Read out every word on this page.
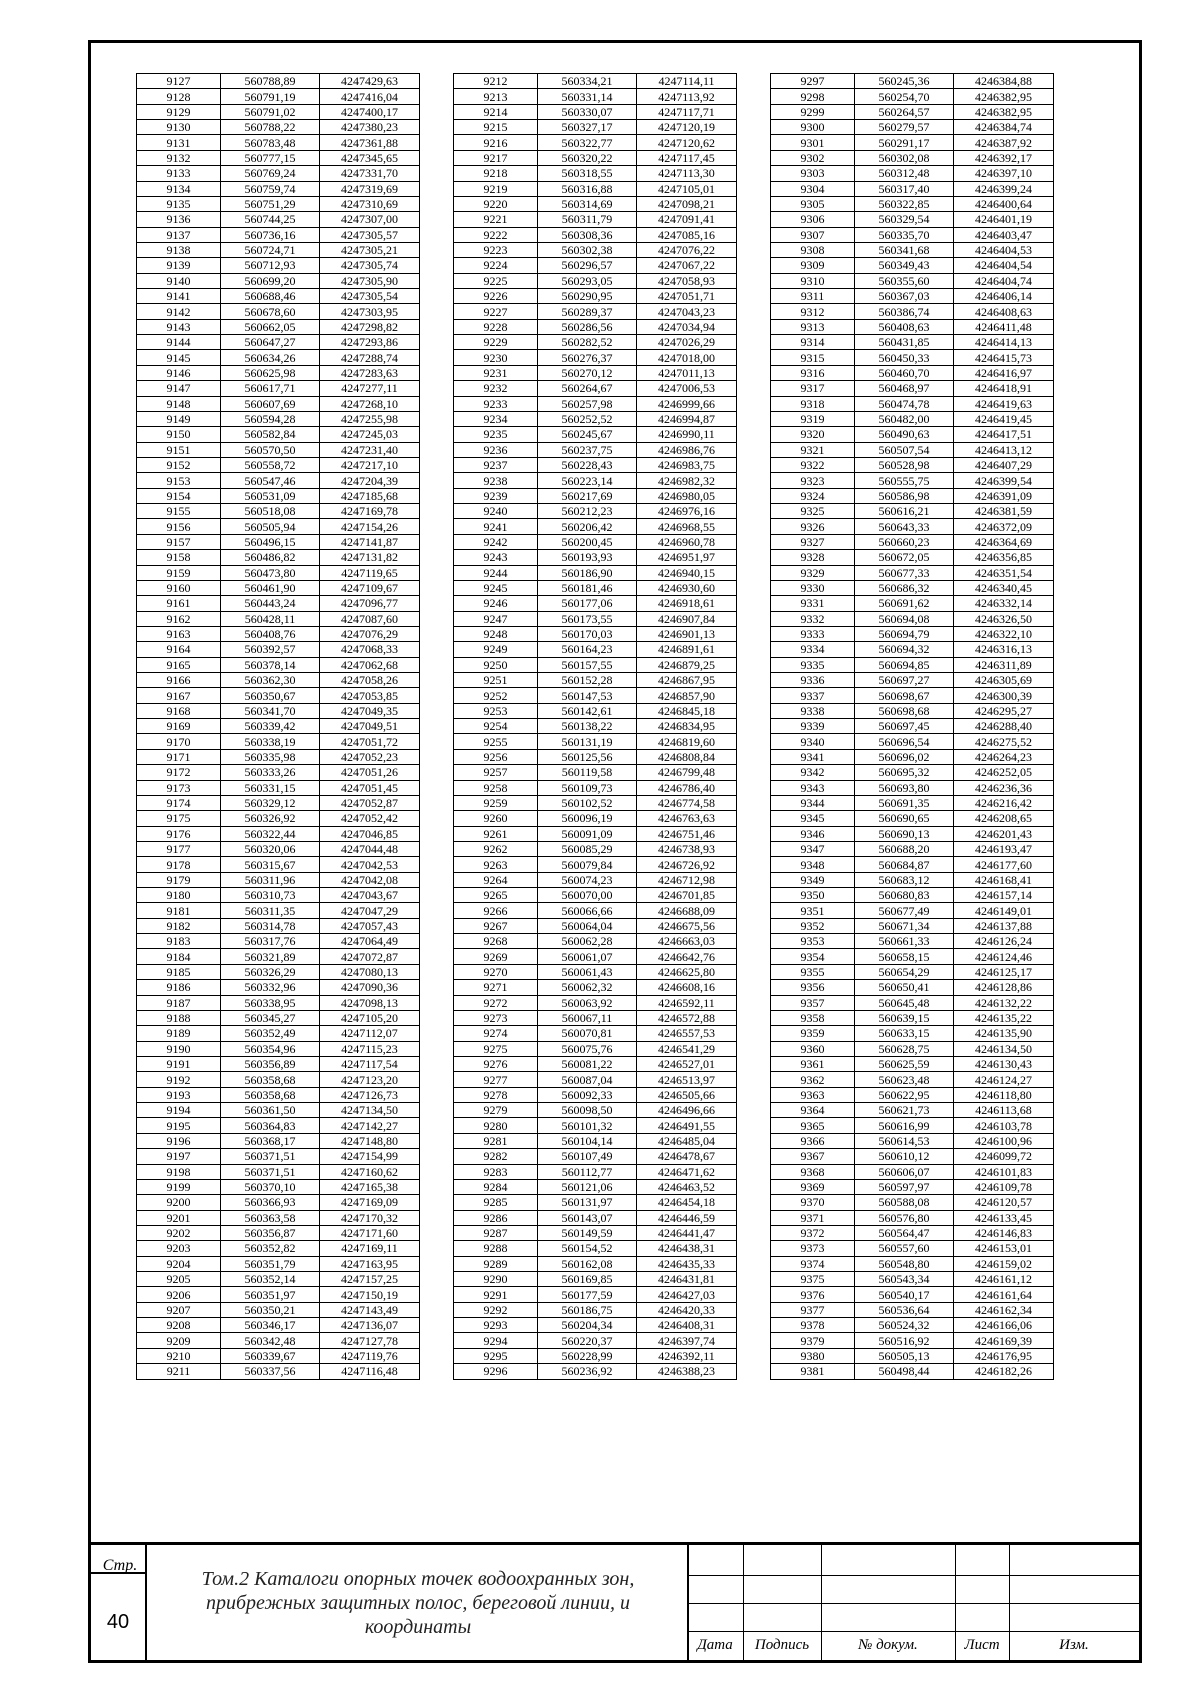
9127	560788,89	4247429,63
9128	560791,19	4247416,04
9129	560791,02	4247400,17
9130	560788,22	4247380,23
9131	560783,48	4247361,88
9132	560777,15	4247345,65
9133	560769,24	4247331,70
9134	560759,74	4247319,69
9135	560751,29	4247310,69
9136	560744,25	4247307,00
9137	560736,16	4247305,57
9138	560724,71	4247305,21
9139	560712,93	4247305,74
9140	560699,20	4247305,90
9141	560688,46	4247305,54
9142	560678,60	4247303,95
9143	560662,05	4247298,82
9144	560647,27	4247293,86
9145	560634,26	4247288,74
9146	560625,98	4247283,63
9147	560617,71	4247277,11
9148	560607,69	4247268,10
9149	560594,28	4247255,98
9150	560582,84	4247245,03
9151	560570,50	4247231,40
9152	560558,72	4247217,10
9153	560547,46	4247204,39
9154	560531,09	4247185,68
9155	560518,08	4247169,78
9156	560505,94	4247154,26
9157	560496,15	4247141,87
9158	560486,82	4247131,82
9159	560473,80	4247119,65
9160	560461,90	4247109,67
9161	560443,24	4247096,77
9162	560428,11	4247087,60
9163	560408,76	4247076,29
9164	560392,57	4247068,33
9165	560378,14	4247062,68
9166	560362,30	4247058,26
9167	560350,67	4247053,85
9168	560341,70	4247049,35
9169	560339,42	4247049,51
9170	560338,19	4247051,72
9171	560335,98	4247052,23
9172	560333,26	4247051,26
9173	560331,15	4247051,45
9174	560329,12	4247052,87
9175	560326,92	4247052,42
9176	560322,44	4247046,85
9177	560320,06	4247044,48
9178	560315,67	4247042,53
9179	560311,96	4247042,08
9180	560310,73	4247043,67
9181	560311,35	4247047,29
9182	560314,78	4247057,43
9183	560317,76	4247064,49
9184	560321,89	4247072,87
9185	560326,29	4247080,13
9186	560332,96	4247090,36
9187	560338,95	4247098,13
9188	560345,27	4247105,20
9189	560352,49	4247112,07
9190	560354,96	4247115,23
9191	560356,89	4247117,54
9192	560358,68	4247123,20
9193	560358,68	4247126,73
9194	560361,50	4247134,50
9195	560364,83	4247142,27
9196	560368,17	4247148,80
9197	560371,51	4247154,99
9198	560371,51	4247160,62
9199	560370,10	4247165,38
9200	560366,93	4247169,09
9201	560363,58	4247170,32
9202	560356,87	4247171,60
9203	560352,82	4247169,11
9204	560351,79	4247163,95
9205	560352,14	4247157,25
9206	560351,97	4247150,19
9207	560350,21	4247143,49
9208	560346,17	4247136,07
9209	560342,48	4247127,78
9210	560339,67	4247119,76
9211	560337,56	4247116,48
9212	560334,21	4247114,11
9213	560331,14	4247113,92
9214	560330,07	4247117,71
9215	560327,17	4247120,19
9216	560322,77	4247120,62
9217	560320,22	4247117,45
9218	560318,55	4247113,30
9219	560316,88	4247105,01
9220	560314,69	4247098,21
9221	560311,79	4247091,41
9222	560308,36	4247085,16
9223	560302,38	4247076,22
9224	560296,57	4247067,22
9225	560293,05	4247058,93
9226	560290,95	4247051,71
9227	560289,37	4247043,23
9228	560286,56	4247034,94
9229	560282,52	4247026,29
9230	560276,37	4247018,00
9231	560270,12	4247011,13
9232	560264,67	4247006,53
9233	560257,98	4246999,66
9234	560252,52	4246994,87
9235	560245,67	4246990,11
9236	560237,75	4246986,76
9237	560228,43	4246983,75
9238	560223,14	4246982,32
9239	560217,69	4246980,05
9240	560212,23	4246976,16
9241	560206,42	4246968,55
9242	560200,45	4246960,78
9243	560193,93	4246951,97
9244	560186,90	4246940,15
9245	560181,46	4246930,60
9246	560177,06	4246918,61
9247	560173,55	4246907,84
9248	560170,03	4246901,13
9249	560164,23	4246891,61
9250	560157,55	4246879,25
9251	560152,28	4246867,95
9252	560147,53	4246857,90
9253	560142,61	4246845,18
9254	560138,22	4246834,95
9255	560131,19	4246819,60
9256	560125,56	4246808,84
9257	560119,58	4246799,48
9258	560109,73	4246786,40
9259	560102,52	4246774,58
9260	560096,19	4246763,63
9261	560091,09	4246751,46
9262	560085,29	4246738,93
9263	560079,84	4246726,92
9264	560074,23	4246712,98
9265	560070,00	4246701,85
9266	560066,66	4246688,09
9267	560064,04	4246675,56
9268	560062,28	4246663,03
9269	560061,07	4246642,76
9270	560061,43	4246625,80
9271	560062,32	4246608,16
9272	560063,92	4246592,11
9273	560067,11	4246572,88
9274	560070,81	4246557,53
9275	560075,76	4246541,29
9276	560081,22	4246527,01
9277	560087,04	4246513,97
9278	560092,33	4246505,66
9279	560098,50	4246496,66
9280	560101,32	4246491,55
9281	560104,14	4246485,04
9282	560107,49	4246478,67
9283	560112,77	4246471,62
9284	560121,06	4246463,52
9285	560131,97	4246454,18
9286	560143,07	4246446,59
9287	560149,59	4246441,47
9288	560154,52	4246438,31
9289	560162,08	4246435,33
9290	560169,85	4246431,81
9291	560177,59	4246427,03
9292	560186,75	4246420,33
9293	560204,34	4246408,31
9294	560220,37	4246397,74
9295	560228,99	4246392,11
9296	560236,92	4246388,23
9297	560245,36	4246384,88
9298	560254,70	4246382,95
9299	560264,57	4246382,95
9300	560279,57	4246384,74
9301	560291,17	4246387,92
9302	560302,08	4246392,17
9303	560312,48	4246397,10
9304	560317,40	4246399,24
9305	560322,85	4246400,64
9306	560329,54	4246401,19
9307	560335,70	4246403,47
9308	560341,68	4246404,53
9309	560349,43	4246404,54
9310	560355,60	4246404,74
9311	560367,03	4246406,14
9312	560386,74	4246408,63
9313	560408,63	4246411,48
9314	560431,85	4246414,13
9315	560450,33	4246415,73
9316	560460,70	4246416,97
9317	560468,97	4246418,91
9318	560474,78	4246419,63
9319	560482,00	4246419,45
9320	560490,63	4246417,51
9321	560507,54	4246413,12
9322	560528,98	4246407,29
9323	560555,75	4246399,54
9324	560586,98	4246391,09
9325	560616,21	4246381,59
9326	560643,33	4246372,09
9327	560660,23	4246364,69
9328	560672,05	4246356,85
9329	560677,33	4246351,54
9330	560686,32	4246340,45
9331	560691,62	4246332,14
9332	560694,08	4246326,50
9333	560694,79	4246322,10
9334	560694,32	4246316,13
9335	560694,85	4246311,89
9336	560697,27	4246305,69
9337	560698,67	4246300,39
9338	560698,68	4246295,27
9339	560697,45	4246288,40
9340	560696,54	4246275,52
9341	560696,02	4246264,23
9342	560695,32	4246252,05
9343	560693,80	4246236,36
9344	560691,35	4246216,42
9345	560690,65	4246208,65
9346	560690,13	4246201,43
9347	560688,20	4246193,47
9348	560684,87	4246177,60
9349	560683,12	4246168,41
9350	560680,83	4246157,14
9351	560677,49	4246149,01
9352	560671,34	4246137,88
9353	560661,33	4246126,24
9354	560658,15	4246124,46
9355	560654,29	4246125,17
9356	560650,41	4246128,86
9357	560645,48	4246132,22
9358	560639,15	4246135,22
9359	560633,15	4246135,90
9360	560628,75	4246134,50
9361	560625,59	4246130,43
9362	560623,48	4246124,27
9363	560622,95	4246118,80
9364	560621,73	4246113,68
9365	560616,99	4246103,78
9366	560614,53	4246100,96
9367	560610,12	4246099,72
9368	560606,07	4246101,83
9369	560597,97	4246109,78
9370	560588,08	4246120,57
9371	560576,80	4246133,45
9372	560564,47	4246146,83
9373	560557,60	4246153,01
9374	560548,80	4246159,02
9375	560543,34	4246161,12
9376	560540,17	4246161,64
9377	560536,64	4246162,34
9378	560524,32	4246166,06
9379	560516,92	4246169,39
9380	560505,13	4246176,95
9381	560498,44	4246182,26
Стр.
40
Том.2 Каталоги опорных точек водоохранных зон, прибрежных защитных полос, береговой линии, и координаты
Дата	Подпись	№ докум.	Лист	Изм.
